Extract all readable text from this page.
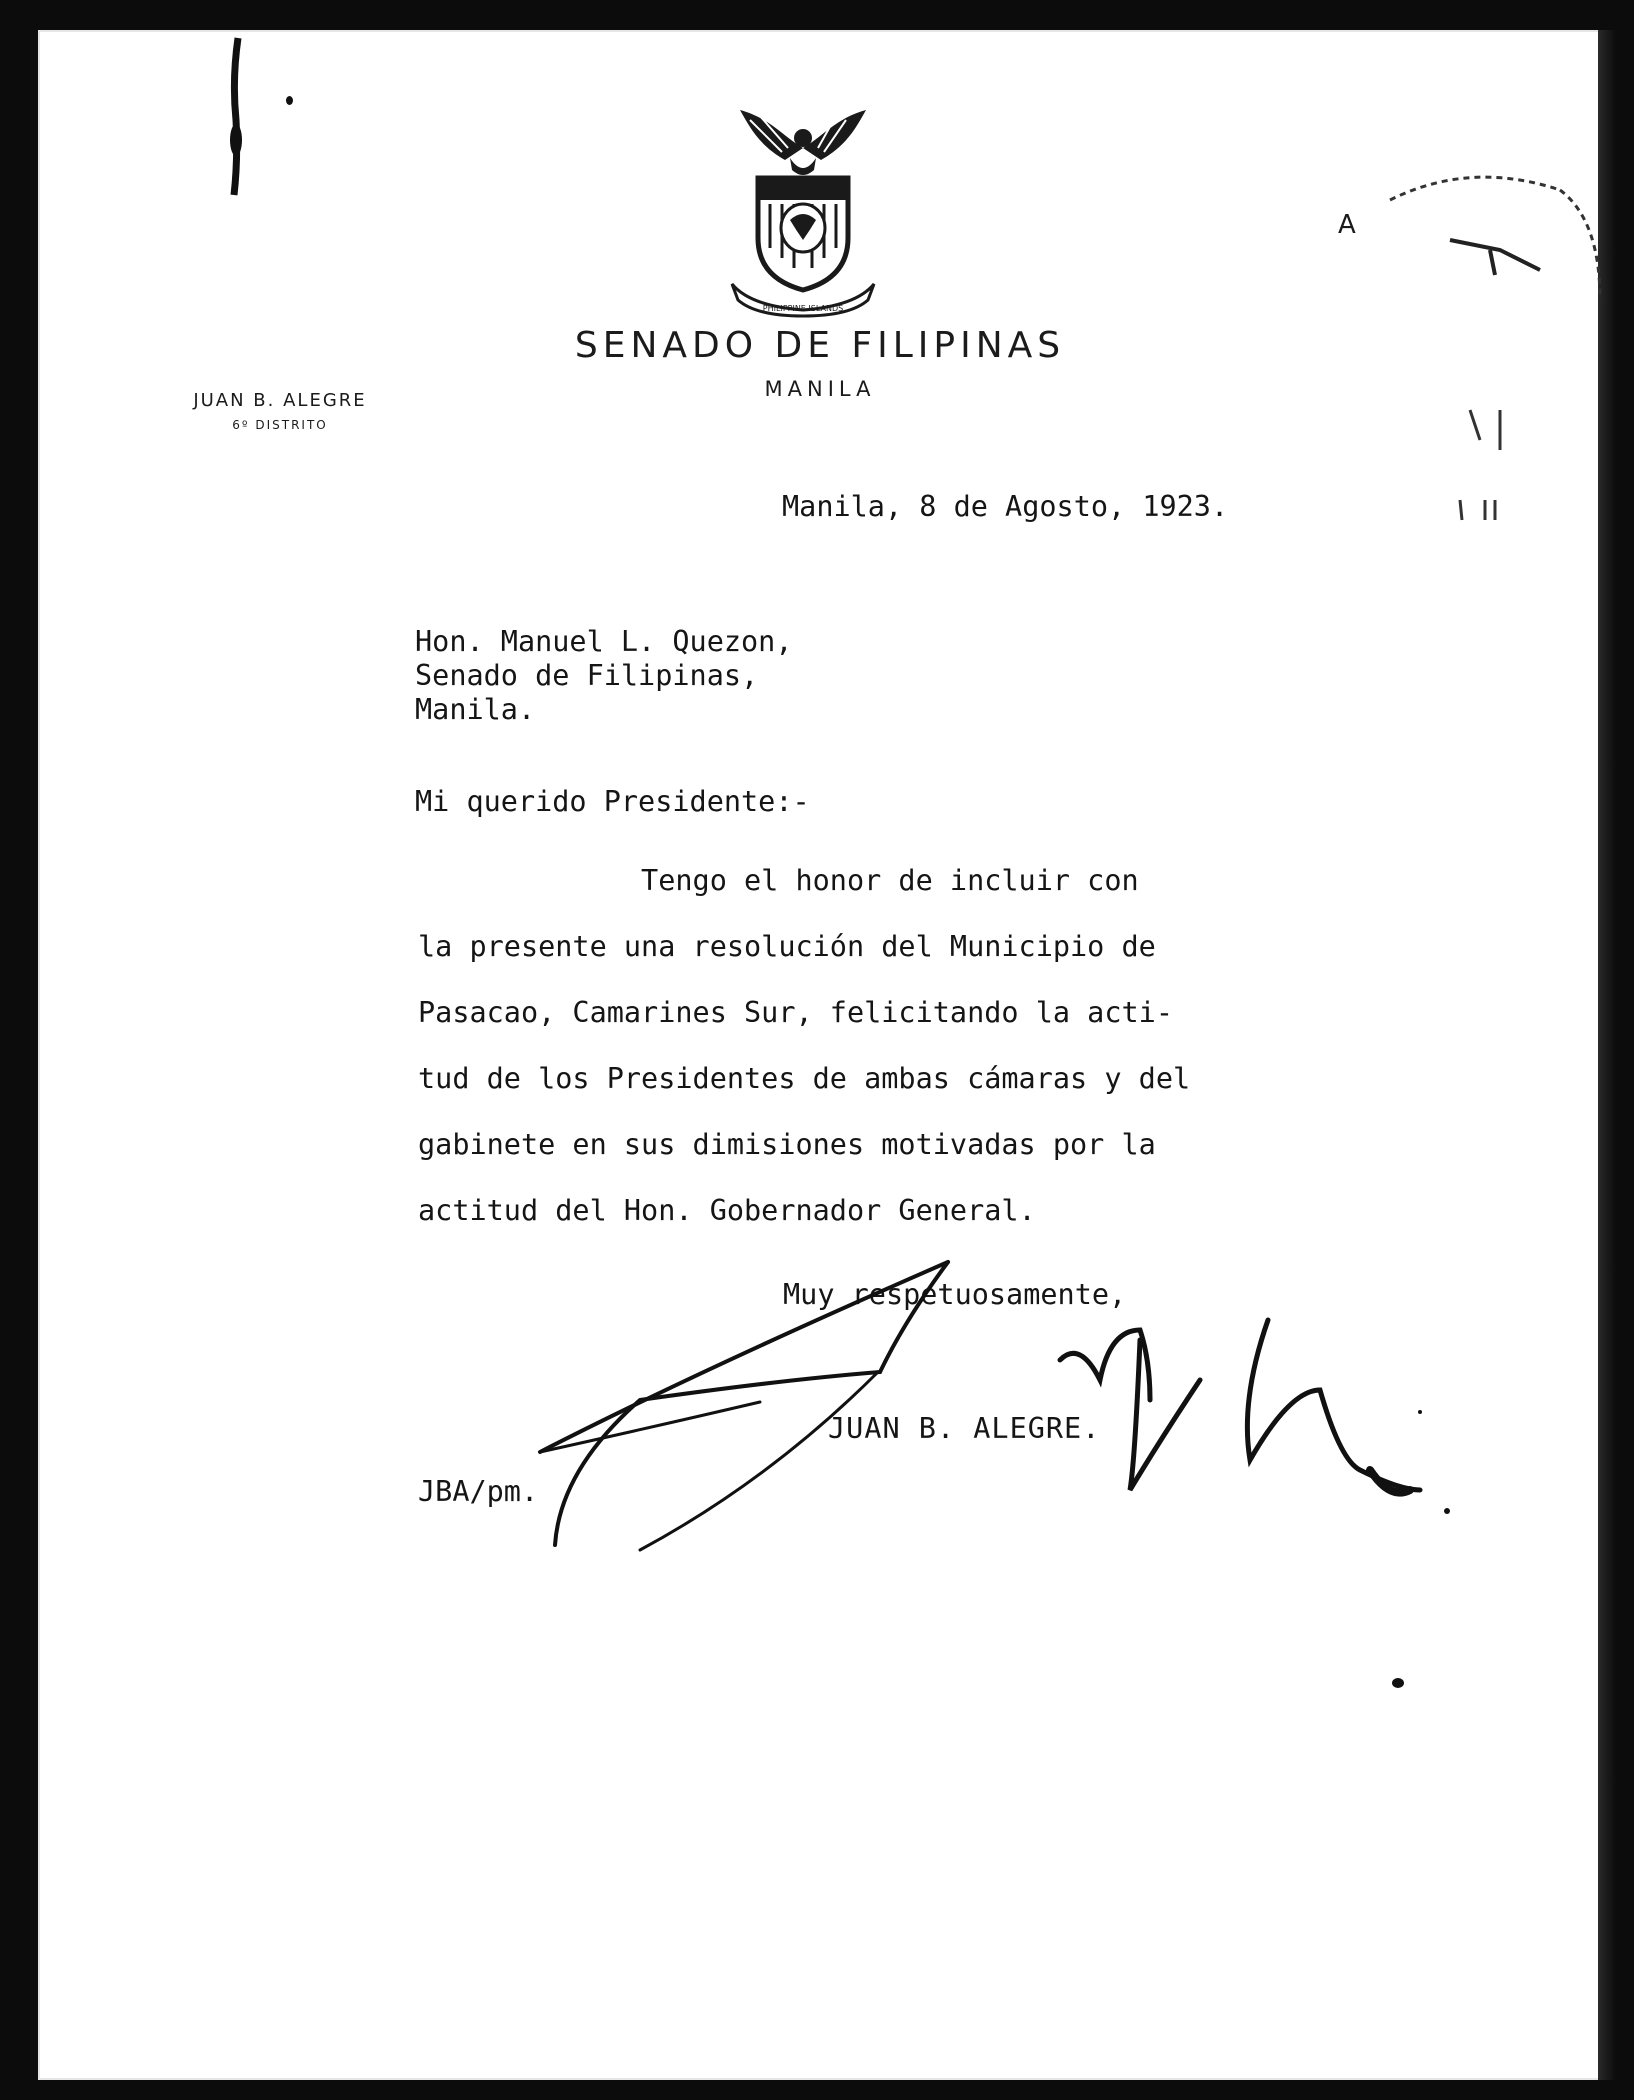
PHILIPPINE ISLANDS
SENADO DE FILIPINAS
MANILA
JUAN B. ALEGRE
6º DISTRITO
A
Manila, 8 de Agosto, 1923.
Hon. Manuel L. Quezon,
Senado de Filipinas,
Manila.
Mi querido Presidente:-
Tengo el honor de incluir con
la presente una resolución del Municipio de
Pasacao, Camarines Sur, felicitando la acti-
tud de los Presidentes de ambas cámaras y del
gabinete en sus dimisiones motivadas por la
actitud del Hon. Gobernador General.
Muy respetuosamente,
JUAN B. ALEGRE.
JBA/pm.
